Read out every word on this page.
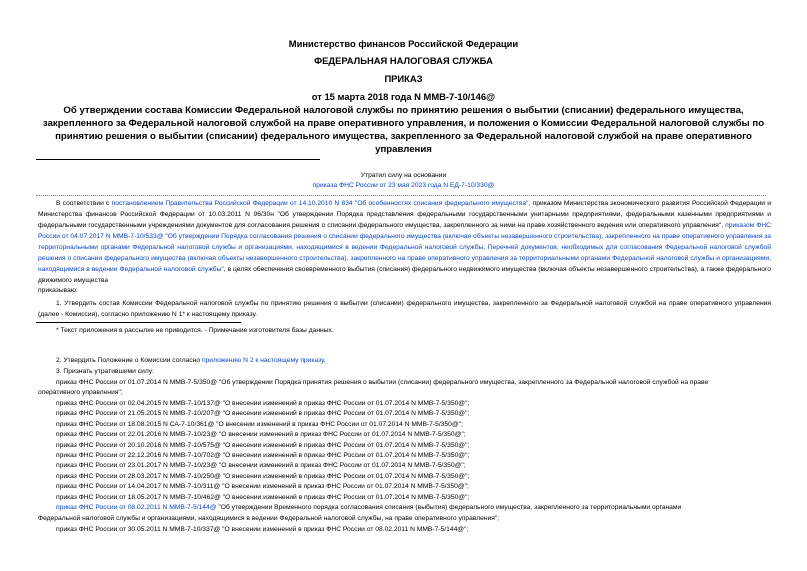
Министерство финансов Российской Федерации
ФЕДЕРАЛЬНАЯ НАЛОГОВАЯ СЛУЖБА
ПРИКАЗ
от 15 марта 2018 года N ММВ-7-10/146@
Об утверждении состава Комиссии Федеральной налоговой службы по принятию решения о выбытии (списании) федерального имущества, закрепленного за Федеральной налоговой службой на праве оперативного управления, и положения о Комиссии Федеральной налоговой службы по принятию решения о выбытии (списании) федерального имущества, закрепленного за Федеральной налоговой службой на праве оперативного управления
Утратил силу на основании
приказа ФНС России от 23 мая 2023 года N ЕД-7-10/330@
В соответствии с постановлением Правительства Российской Федерации от 14.10.2010 N 834 "Об особенностях списания федерального имущества", приказом Министерства экономического развития Российской Федерации и Министерства финансов Российской Федерации от 10.03.2011 N 96/30н "Об утверждении Порядка представления федеральными государственными унитарными предприятиями, федеральными казенными предприятиями и федеральными государственными учреждениями документов для согласования решения о списании федерального имущества, закрепленного за ними на праве хозяйственного ведения или оперативного управления", приказом ФНС России от 04.07.2017 N ММВ-7-10/533@ "Об утверждении Порядка согласования решения о списании федерального имущества (включая объекты незавершенного строительства), закрепленного на праве оперативного управления за территориальными органами Федеральной налоговой службы и организациями, находящимися в ведении Федеральной налоговой службы, Перечней документов, необходимых для согласования Федеральной налоговой службой решения о списании федерального имущества (включая объекты незавершенного строительства), закрепленного на праве оперативного управления за территориальными органами Федеральной налоговой службы и организациями, находящимися в ведении Федеральной налоговой службы", в целях обеспечения своевременного выбытия (списания) федерального недвижимого имущества (включая объекты незавершенного строительства), а также федерального движимого имущества
приказываю:
1. Утвердить состав Комиссии Федеральной налоговой службы по принятию решения о выбытии (списании) федерального имущества, закрепленного за Федеральной налоговой службой на праве оперативного управления (далее - Комиссия), согласно приложению N 1* к настоящему приказу.
* Текст приложения в рассылке не приводится. - Примечание изготовителя базы данных.
2. Утвердить Положение о Комиссии согласно приложению N 2 к настоящему приказу.
3. Признать утратившими силу:
приказ ФНС России от 01.07.2014 N ММВ-7-5/350@ "Об утверждении Порядка принятия решения о выбытии (списании) федерального имущества, закрепленного за Федеральной налоговой службой на праве
оперативного управления";
приказ ФНС России от 02.04.2015 N ММВ-7-10/137@ "О внесении изменений в приказ ФНС России от 01.07.2014 N ММВ-7-5/350@";
приказ ФНС России от 21.05.2015 N ММВ-7-10/207@ "О внесении изменений в приказ ФНС России от 01.07.2014 N ММВ-7-5/350@";
приказ ФНС России от 18.08.2015 N СА-7-10/361@ "О внесении изменений в приказ ФНС России от 01.07.2014 N ММВ-7-5/350@";
приказ ФНС России от 22.01.2016 N ММВ-7-10/23@ "О внесении изменений в приказ ФНС России от 01.07.2014 N ММВ-7-5/350@";
приказ ФНС России от 20.10.2016 N ММВ-7-10/575@ "О внесении изменений в приказ ФНС России от 01.07.2014 N ММВ-7-5/350@";
приказ ФНС России от 22.12.2016 N ММВ-7-10/702@ "О внесении изменений в приказ ФНС России от 01.07.2014 N ММВ-7-5/350@";
приказ ФНС России от 23.01.2017 N ММВ-7-10/23@ "О внесении изменений в приказ ФНС России от 01.07.2014 N ММВ-7-5/350@";
приказ ФНС России от 28.03.2017 N ММВ-7-10/250@ "О внесении изменений в приказ ФНС России от 01.07.2014 N ММВ-7-5/350@";
приказ ФНС России от 14.04.2017 N ММВ-7-10/311@ "О внесении изменений в приказ ФНС России от 01.07.2014 N ММВ-7-5/350@";
приказ ФНС России от 18.05.2017 N ММВ-7-10/462@ "О внесении изменений в приказ ФНС России от 01.07.2014 N ММВ-7-5/350@";
приказ ФНС России от 08.02.2011 N ММВ-7-5/144@ "Об утверждении Временного порядка согласования списания (выбытия) федерального имущества, закрепленного за территориальными органами
Федеральной налоговой службы и организациями, находящимися в ведении Федеральной налоговой службы, на праве оперативного управления";
приказ ФНС России от 30.05.2011 N ММВ-7-10/337@ "О внесении изменений в приказ ФНС России от 08.02.2011 N ММВ-7-5/144@";
